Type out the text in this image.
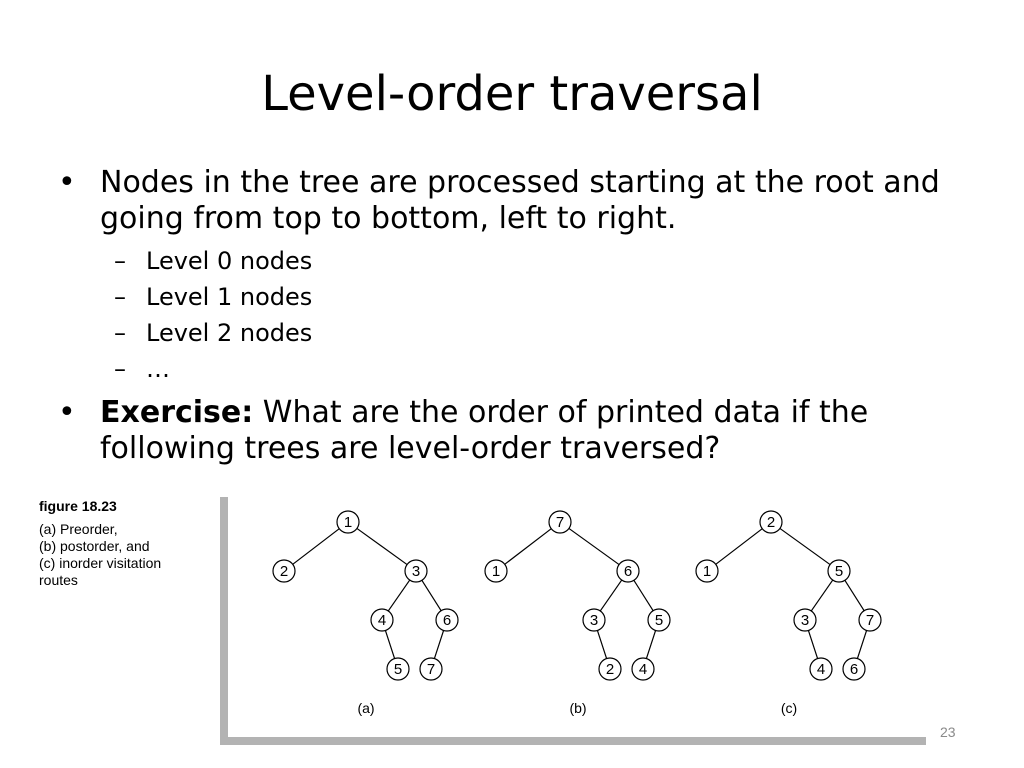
Level-order traversal
• Nodes in the tree are processed starting at the root and going from top to bottom, left to right.
– Level 0 nodes
– Level 1 nodes
– Level 2 nodes
– …
• Exercise: What are the order of printed data if the following trees are level-order traversed?
figure 18.23
(a) Preorder,
(b) postorder, and
(c) inorder visitation
routes
1
2	3
4	6
5 7
(a)
7
1	6
3	5
2 4
(b)
2
1	5
3	7
4 6
(c)
23
